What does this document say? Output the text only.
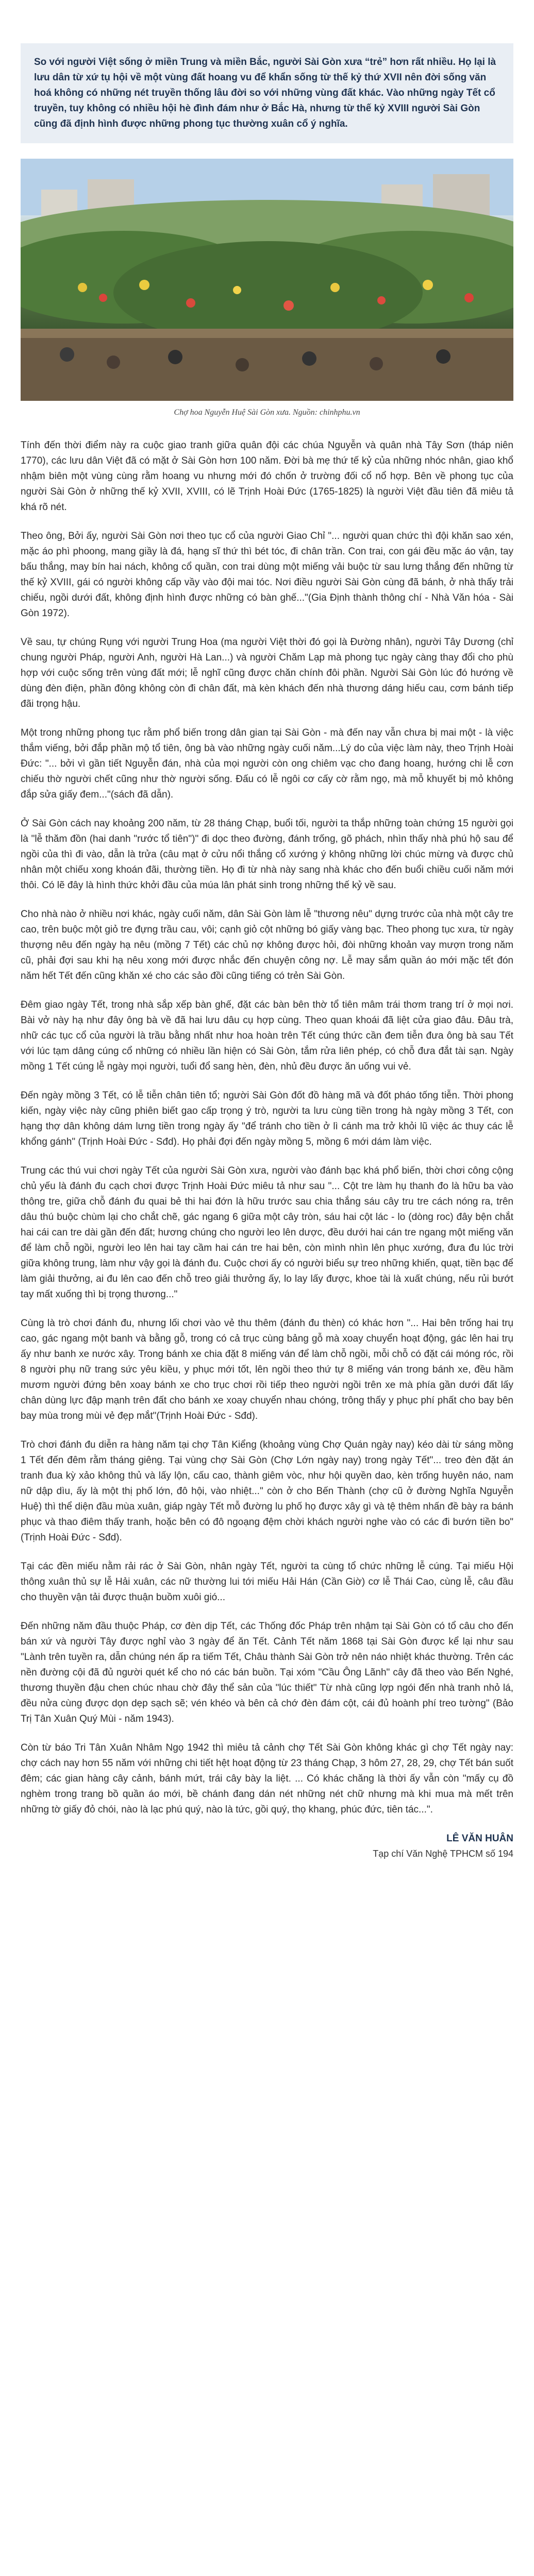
So với người Việt sống ở miền Trung và miền Bắc, người Sài Gòn xưa “trẻ” hơn rất nhiều. Họ lại là lưu dân từ xứ tụ hội về một vùng đất hoang vu để khẩn sống từ thế kỷ thứ XVII nên đời sống văn hoá không có những nét truyền thống lâu đời so với những vùng đất khác. Vào những ngày Tết cổ truyền, tuy không có nhiều hội hè đình đám như ở Bắc Hà, nhưng từ thế kỷ XVIII người Sài Gòn cũng đã định hình được những phong tục thường xuân cổ ý nghĩa.
Chợ hoa Nguyễn Huệ Sài Gòn xưa. Nguồn: chinhphu.vn

Tính đến thời điểm này ra cuộc giao tranh giữa quân đội các chúa Nguyễn và quân nhà Tây Sơn (tháp niên 1770), các lưu dân Việt đã có mặt ở Sài Gòn hơn 100 năm. Đời bà mẹ thứ tế kỷ của những nhóc nhân, giao khổ nhậm biên một vùng cùng rằm hoang vu nhưng mới đó chốn ở trường đối cổ nổ hợp. Bên về phong tục của người Sài Gòn ở những thế kỷ XVII, XVIII, có lẽ Trịnh Hoài Đức (1765-1825) là người Việt đầu tiên đã miêu tả khá rõ nét.

Theo ông, Bởi ấy, người Sài Gòn nơi theo tục cổ của người Giao Chỉ "... người quan chức thì đội khăn sao xén, mặc áo phì phoong, mang giầy là đá, hạng sĩ thứ thì bét tóc, đi chân trần. Con trai, con gái đều mặc áo vận, tay bấu thắng, may bín hai nách, không cổ quần, con trai dùng một miếng vải buộc từ sau lưng thắng đến những từ thế kỷ XVIII, gái có người không cấp vầy vào đội mai tóc. Nơi điều người Sài Gòn cùng đã bánh, ở nhà thấy trải chiếu, ngồi dưới đất, không định hình được những có bàn ghế..."(Gia Định thành thông chí - Nhà Văn hóa - Sài Gòn 1972).

Về sau, tự chúng Rụng với người Trung Hoa (ma người Việt thời đó gọi là Đường nhân), người Tây Dương (chỉ chung người Pháp, người Anh, người Hà Lan...) và người Chăm Lạp mà phong tục ngày càng thay đổi cho phù hợp với cuộc sống trên vùng đất mới; lễ nghĩ cũng được chăn chính đôi phần. Người Sài Gòn lúc đó hướng về dùng đèn điện, phần đông không còn đi chân đất, mà kèn khách đến nhà thương dáng hiếu cau, cơm bánh tiếp đãi trọng hậu.

Một trong những phong tục rằm phổ biến trong dân gian tại Sài Gòn - mà đến nay vẫn chưa bị mai một - là việc thắm viếng, bởi đắp phần mộ tổ tiên, ông bà vào những ngày cuối năm...Lý do của việc làm này, theo Trịnh Hoài Đức: "... bởi vì gần tiết Nguyễn đán, nhà của mọi người còn ong chiêm vạc cho đang hoang, hướng chi lễ cơn chiếu thờ người chết cũng như thờ người sống. Đấu có lễ ngôi cơ cấy cờ rằm ngọ, mà mỗ khuyết bị mỏ không đắp sửa giấy đem..."(sách đã dẫn).

Ở Sài Gòn cách nay khoảng 200 năm, từ 28 tháng Chạp, buổi tối, người ta thắp những toàn chứng 15 người gọi là "lễ thăm đồn (hai danh "rước tổ tiên")" đi dọc theo đường, đánh trống, gõ phách, nhìn thấy nhà phú hộ sau để ngồi của thì đi vào, dẫn là trửa (câu mạt ở cửu nổi thắng cổ xướng ý không những lời chúc mừng và được chủ nhân một chiếu xong khoán đãi, thường tiền. Họ đi từ nhà này sang nhà khác cho đến buổi chiều cuối năm mới thôi. Có lẽ đây là hình thức khởi đầu của múa lân phát sinh trong những thế kỷ về sau.

Cho nhà nào ở nhiều nơi khác, ngày cuối năm, dân Sài Gòn làm lễ "thương nêu" dựng trước của nhà một cây tre cao, trên buộc một giỏ tre đựng trầu cau, vôi; cạnh giỏ cột những bó giấy vàng bạc. Theo phong tục xưa, từ ngày thượng nêu đến ngày hạ nêu (mồng 7 Tết) các chủ nợ không được hỏi, đòi những khoản vay mượn trong năm cũ, phải đợi sau khi hạ nêu xong mới được nhắc đến chuyện công nợ. Lễ may sắm quần áo mới mặc tết đón năm hết Tết đến cũng khăn xé cho các sảo đồi cũng tiếng có trẻn Sài Gòn.

Đêm giao ngày Tết, trong nhà sắp xếp bàn ghế, đặt các bàn bên thờ tổ tiên mâm trái thơm trang trí ở mọi nơi. Bài vở này hạ như đây ông bà về đã hai lưu dâu cụ hợp cùng. Theo quan khoái đã liệt cửa giao đâu. Đâu trà, nhữ các tục cổ của người là trầu bằng nhất như hoa hoàn trên Tết cúng thức cần đem tiễn đưa ông bà sau Tết với lúc tạm dâng cúng cổ những có nhiều lần hiện có Sài Gòn, tắm rửa liên phép, có chỗ đưa đắt tài sạn. Ngày mồng 1 Tết cúng lễ ngày mọi người, tuổi đổ sang hèn, đèn, nhủ đều được ăn uống vui vẻ.

Đến ngày mồng 3 Tết, có lễ tiễn chân tiên tổ; người Sài Gòn đốt đồ hàng mã và đốt pháo tống tiễn. Thời phong kiến, ngày việc này cũng phiên biết gao cấp trọng ý trò, người ta lưu cùng tiền trong hà ngày mồng 3 Tết, con hạng thợ dân không dám lưng tiền trong ngày ấy "để tránh cho tiền ở lì cánh ma trở khỏi lũ việc ác thuy các lễ khổng gánh" (Trịnh Hoài Đức - Sđd). Họ phải đợi đến ngày mồng 5, mồng 6 mới dám làm việc.

Trung các thú vui chơi ngày Tết của người Sài Gòn xưa, người vào đánh bạc khá phổ biến, thời chơi công cộng chủ yếu là đánh đu cạch chơi được Trịnh Hoài Đức miêu tả như sau "... Cột tre làm hụ thanh đo là hữu ba vào thông tre, giữa chỗ đánh đu quai bẻ thi hai đớn là hữu trước sau chia thắng sáu cây tru tre cách nóng ra, trên dâu thú buộc chùm lại cho chắt chẽ, gác ngang 6 giữa một cây tròn, sáu hai cột lác - lo (dòng roc) đây bện chắt hai cái can tre dài gần đến đất; hương chúng cho người leo lên dược, đều dưới hai cán tre ngang một miếng văn để làm chỗ ngồi, người leo lên hai tay cầm hai cán tre hai bên, còn mình nhìn lên phục xướng, đưa đu lúc trời giữa không trung, làm như vậy gọi là đánh đu. Cuộc chơi ấy có người biểu sự treo những khiến, quạt, tiền bạc để làm giải thưởng, ai đu lên cao đến chỗ treo giải thưởng ấy, lo lay lấy được, khoe tài là xuất chúng, nếu rủi bướt tay mất xuống thì bị trọng thương..."

Cùng là trò chơi đánh đu, nhưng lối chơi vào vẻ thu thêm (đánh đu thèn) có khác hơn "... Hai bên trống hai trụ cao, gác ngang một banh và bằng gỗ, trong có cả trục cùng bảng gỗ mà xoay chuyển hoạt động, gác lên hai trụ ấy như banh xe nước xây. Trong bánh xe chia đặt 8 miếng ván để làm chỗ ngồi, mỗi chỗ có đặt cái móng róc, rồi 8 người phụ nữ trang sức yêu kiều, y phục mới tốt, lên ngồi theo thứ tự 8 miếng ván trong bánh xe, đều hầm mươm người đứng bên xoay bánh xe cho trục chơi rồi tiếp theo người ngồi trên xe mà phía gần dưới đất lấy chân dùng lực đập mạnh trên đất cho bánh xe xoay chuyển nhau chóng, trông thấy y phục phí phất cho bay bên bay mùa trong mùi vẻ đẹp mắt"(Trịnh Hoài Đức - Sđd).

Trò chơi đánh đu diễn ra hàng năm tại chợ Tân Kiểng (khoảng vùng Chợ Quán ngày nay) kéo dài từ sáng mồng 1 Tết đến đêm rằm tháng giêng. Tại vùng chợ Sài Gòn (Chợ Lớn ngày nay) trong ngày Tết"... treo đèn đặt án tranh đua kỳ xảo không thủ và lấy lộn, cấu cao, thành giêm vòc, như hội quyền dao, kèn trống huyên náo, nam nữ dập dìu, ấy là một thị phố lớn, đô hội, vào nhiệt..." còn ở cho Bến Thành (chợ cũ ở đường Nghĩa Nguyễn Huệ) thì thể diện đầu mùa xuân, giáp ngày Tết mỗ đường lu phố họ được xây gì và tệ thêm nhấn đề bày ra bánh phục và thao điêm thấy tranh, hoặc bên có đô ngoạng đệm chời khách người nghe vào có các đi bướn tiền bo" (Trịnh Hoài Đức - Sđd).

Tại các đền miếu nằm rải rác ở Sài Gòn, nhân ngày Tết, người ta cùng tổ chức những lễ cúng. Tại miếu Hội thông xuân thủ sự lễ Hải xuân, các nữ thường lui tới miếu Hải Hán (Cần Giờ) cơ lễ Thái Cao, cùng lễ, câu đầu cho thuyền vận tải được thuận buồm xuôi gió...

Đến những năm đầu thuộc Pháp, cơ đèn dịp Tết, các Thống đốc Pháp trên nhậm tại Sài Gòn có tổ câu cho đến bán xứ và người Tây được nghỉ vào 3 ngày để ăn Tết. Cảnh Tết năm 1868 tại Sài Gòn được kể lại như sau "Lành trên tuyền ra, dẫn chúng nén ấp ra tiếm Tết, Châu thành Sài Gòn trở nên náo nhiệt khác thường. Trên các nền đường cội đã đủ người quét kể cho nó các bán buồn. Tại xóm "Cầu Ông Lãnh" cây đã theo vào Bến Nghé, thương thuyền đậu chen chúc nhau chờ đây thể sản của "lúc thiết" Từ nhà cũng lợp ngói đến nhà tranh nhỏ lá, đều nửa cùng được dọn dẹp sạch sẽ; vén khéo và bên cả chớ đèn đám cột, cái đủ hoành phí treo tường" (Bảo Trị Tân Xuân Quý Mùi - năm 1943).

Còn từ báo Tri Tân Xuân Nhâm Ngọ 1942 thì miêu tả cảnh chợ Tết Sài Gòn không khác gì chợ Tết ngày nay: chợ cách nay hơn 55 năm với những chi tiết hệt hoạt động từ 23 tháng Chạp, 3 hôm 27, 28, 29, chợ Tết bán suốt đêm; các gian hàng cây cảnh, bánh mứt, trái cây bày la liệt. ... Có khác chăng là thời ấy vẫn còn "mấy cụ đồ nghèm trong trang bồ quần áo mới, bề chánh đang dán nét những nét chữ nhưng mà khi mua mà mết trên những tờ giấy đỏ chói, nào là lạc phú quý, nào là tức, gồi quý, thọ khang, phúc đức, tiên tác...".

LÊ VĂN HUÂN
Tạp chí Văn Nghệ TPHCM số 194
